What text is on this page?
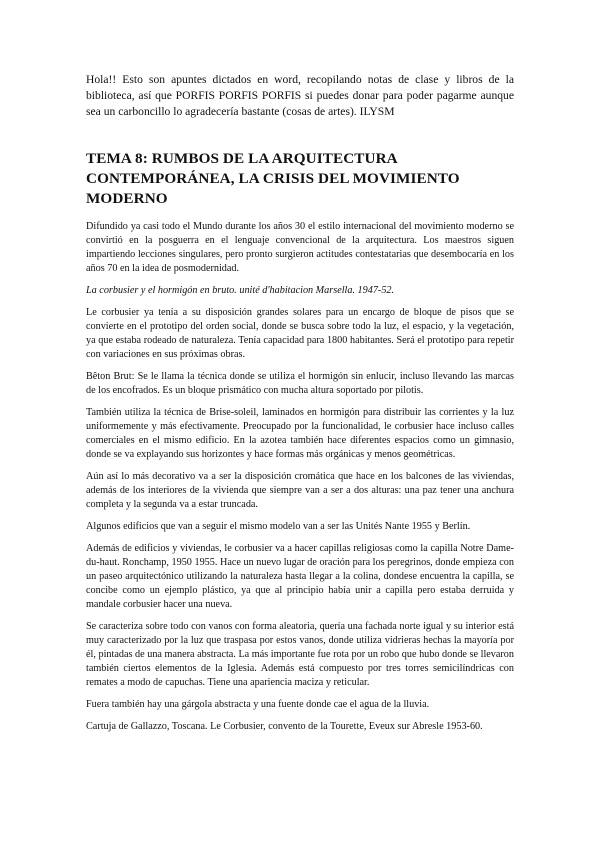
Hola!! Esto son apuntes dictados en word, recopilando notas de clase y libros de la biblioteca, así que PORFIS PORFIS PORFIS si puedes donar para poder pagarme aunque sea un carboncillo lo agradecería bastante (cosas de artes). ILYSM

TEMA 8: RUMBOS DE LA ARQUITECTURA CONTEMPORÁNEA, LA CRISIS DEL MOVIMIENTO MODERNO

Difundido ya casi todo el Mundo durante los años 30 el estilo internacional del movimiento moderno se convirtió en la posguerra en el lenguaje convencional de la arquitectura. Los maestros siguen impartiendo lecciones singulares, pero pronto surgieron actitudes contestatarias que desembocaría en los años 70 en la idea de posmodernidad.

La corbusier y el hormigón en bruto. unité d'habitacion Marsella. 1947-52.

Le corbusier ya tenía a su disposición grandes solares para un encargo de bloque de pisos que se convierte en el prototipo del orden social, donde se busca sobre todo la luz, el espacio, y la vegetación, ya que estaba rodeado de naturaleza. Tenía capacidad para 1800 habitantes. Será el prototipo para repetir con variaciones en sus próximas obras.

Bêton Brut: Se le llama la técnica donde se utiliza el hormigón sin enlucir, incluso llevando las marcas de los encofrados. Es un bloque prismático con mucha altura soportado por pilotis.

También utiliza la técnica de Brise-soleil, laminados en hormigón para distribuir las corrientes y la luz uniformemente y más efectivamente. Preocupado por la funcionalidad, le corbusier hace incluso calles comerciales en el mismo edificio. En la azotea también hace diferentes espacios como un gimnasio, donde se va explayando sus horizontes y hace formas más orgánicas y menos geométricas.

Aún así lo más decorativo va a ser la disposición cromática que hace en los balcones de las viviendas, además de los interiores de la vivienda que siempre van a ser a dos alturas: una paz tener una anchura completa y la segunda va a estar truncada.

Algunos edificios que van a seguir el mismo modelo van a ser las Unités Nante 1955 y Berlín.

Además de edificios y viviendas, le corbusier va a hacer capillas religiosas como la capilla Notre Dame-du-haut. Ronchamp, 1950 1955. Hace un nuevo lugar de oración para los peregrinos, donde empieza con un paseo arquitectónico utilizando la naturaleza hasta llegar a la colina, dondese encuentra la capilla, se concibe como un ejemplo plástico, ya que al principio había unir a capilla pero estaba derruida y mandale corbusier hacer una nueva.

Se caracteriza sobre todo con vanos con forma aleatoria, quería una fachada norte igual y su interior está muy caracterizado por la luz que traspasa por estos vanos, donde utiliza vidrieras hechas la mayoría por él, pintadas de una manera abstracta. La más importante fue rota por un robo que hubo donde se llevaron también ciertos elementos de la Iglesia. Además está compuesto por tres torres semicilíndricas con remates a modo de capuchas. Tiene una apariencia maciza y reticular.

Fuera también hay una gárgola abstracta y una fuente donde cae el agua de la lluvia.

Cartuja de Gallazzo, Toscana. Le Corbusier, convento de la Tourette, Eveux sur Abresle 1953-60.
